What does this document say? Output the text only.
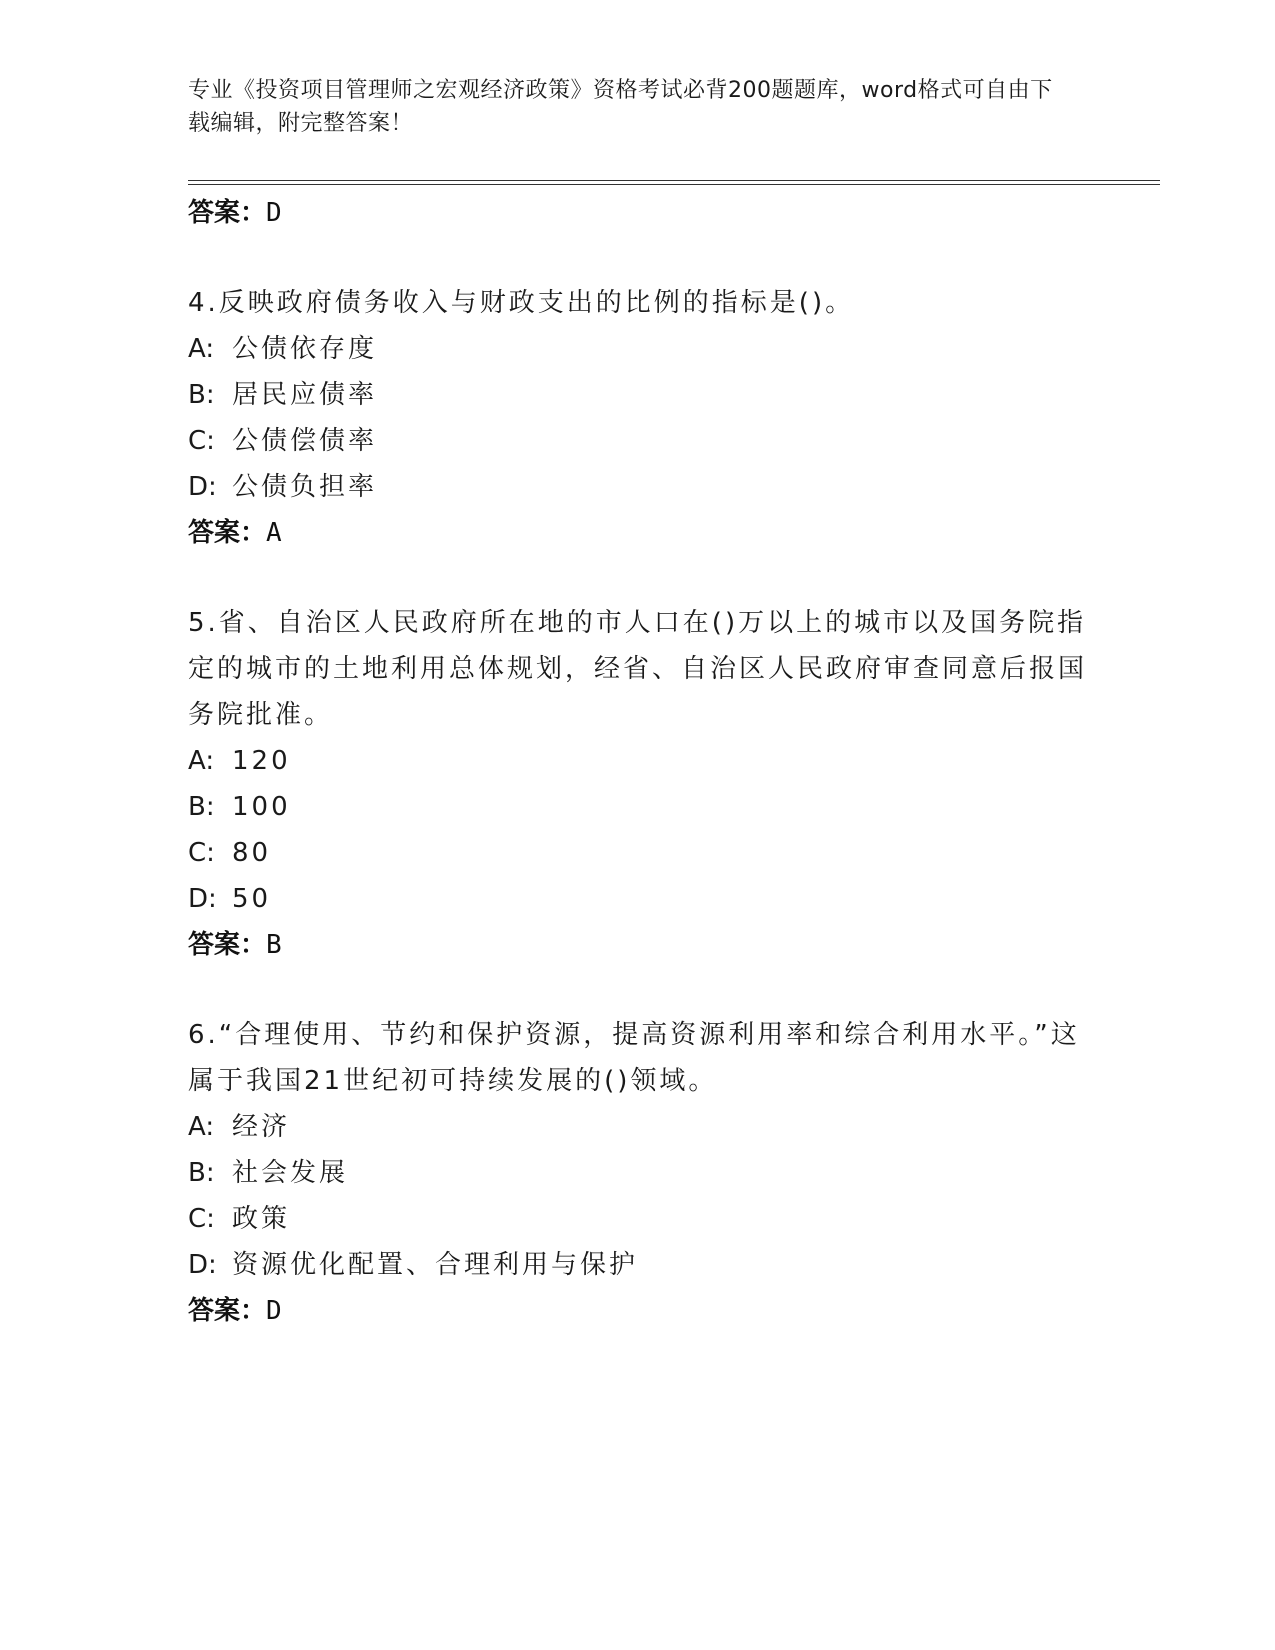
专业《投资项目管理师之宏观经济政策》资格考试必背200题题库，word格式可自由下载编辑，附完整答案！
答案：D
4.反映政府债务收入与财政支出的比例的指标是()。
A: 公债依存度
B: 居民应债率
C: 公债偿债率
D: 公债负担率
答案：A
5.省、自治区人民政府所在地的市人口在()万以上的城市以及国务院指定的城市的土地利用总体规划，经省、自治区人民政府审查同意后报国务院批准。
A: 120
B: 100
C: 80
D: 50
答案：B
6.“合理使用、节约和保护资源，提高资源利用率和综合利用水平。”这属于我国21世纪初可持续发展的()领域。
A: 经济
B: 社会发展
C: 政策
D: 资源优化配置、合理利用与保护
答案：D
